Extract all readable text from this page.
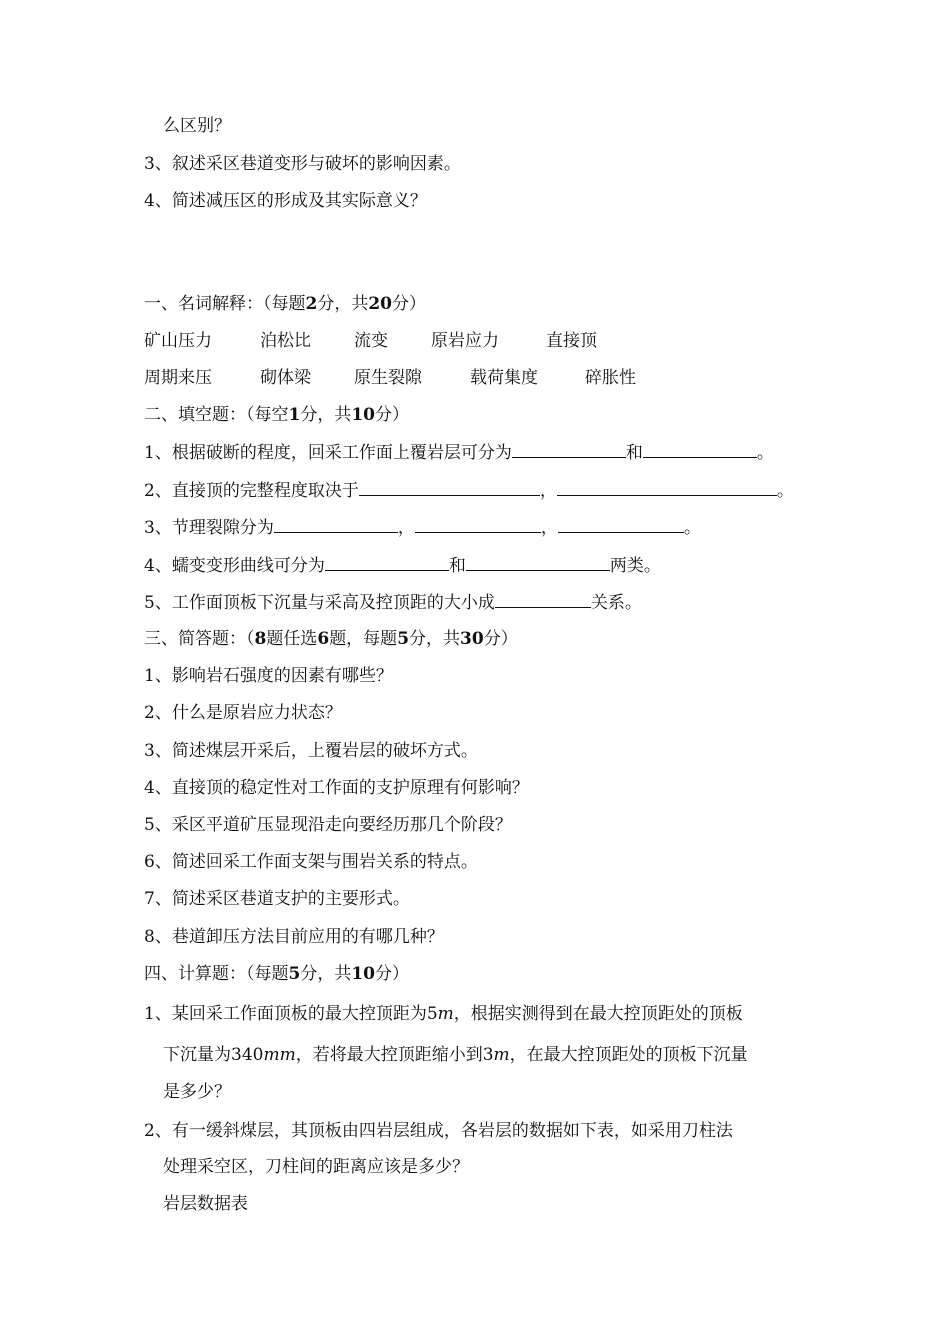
么区别？
3、叙述采区巷道变形与破坏的影响因素。
4、简述减压区的形成及其实际意义？
一、名词解释：（每题2分，共20分）
矿山压力	泊松比	流变	原岩应力	直接顶
周期来压	砌体梁	原生裂隙	载荷集度	碎胀性
二、填空题：（每空1分，共10分）
1、根据破断的程度，回采工作面上覆岩层可分为	和	。
2、直接顶的完整程度取决于	，	。
3、节理裂隙分为	，	，	。
4、蠕变变形曲线可分为	和	两类。
5、工作面顶板下沉量与采高及控顶距的大小成	关系。
三、简答题：（8题任选6题，每题5分，共30分）
1、影响岩石强度的因素有哪些？
2、什么是原岩应力状态？
3、简述煤层开采后，上覆岩层的破坏方式。
4、直接顶的稳定性对工作面的支护原理有何影响？
5、采区平道矿压显现沿走向要经历那几个阶段？
6、简述回采工作面支架与围岩关系的特点。
7、简述采区巷道支护的主要形式。
8、巷道卸压方法目前应用的有哪几种？
四、计算题：（每题5分，共10分）
1、某回采工作面顶板的最大控顶距为5m，根据实测得到在最大控顶距处的顶板
下沉量为340mm，若将最大控顶距缩小到3m，在最大控顶距处的顶板下沉量
是多少？
2、有一缓斜煤层，其顶板由四岩层组成，各岩层的数据如下表，如采用刀柱法
处理采空区，刀柱间的距离应该是多少？
岩层数据表
